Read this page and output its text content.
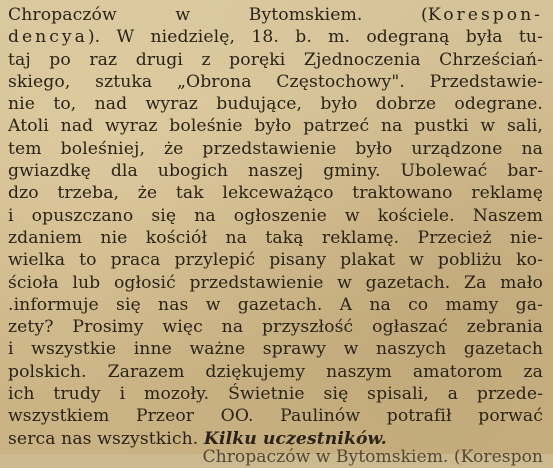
Chropaczów w Bytomskiem. (Korespon-
dencya). W niedzielę, 18. b. m. odegraną była tu-
taj po raz drugi z poręki Zjednoczenia Chrześciań-
skiego, sztuka „Obrona Częstochowy". Przedstawie-
nie to, nad wyraz budujące, było dobrze odegrane.
Atoli nad wyraz boleśnie było patrzeć na pustki w sali,
tem boleśniej, że przedstawienie było urządzone na
gwiazdkę dla ubogich naszej gminy. Ubolewać bar-
dzo trzeba, że tak lekceważąco traktowano reklamę
i opuszczano się na ogłoszenie w kościele. Naszem
zdaniem nie kościół na taką reklamę. Przecież nie-
wielka to praca przylepić pisany plakat w pobliżu ko-
ścioła lub ogłosić przedstawienie w gazetach. Za mało
.informuje się nas w gazetach. A na co mamy ga-
zety? Prosimy więc na przyszłość ogłaszać zebrania
i wszystkie inne ważne sprawy w naszych gazetach
polskich. Zarazem dziękujemy naszym amatorom za
ich trudy i mozoły. Świetnie się spisali, a przede-
wszystkiem Przeor OO. Paulinów potrafił porwać
serca nas wszystkich. Kilku uczestników.
Chropaczów w Bytomskiem. (Korespon
